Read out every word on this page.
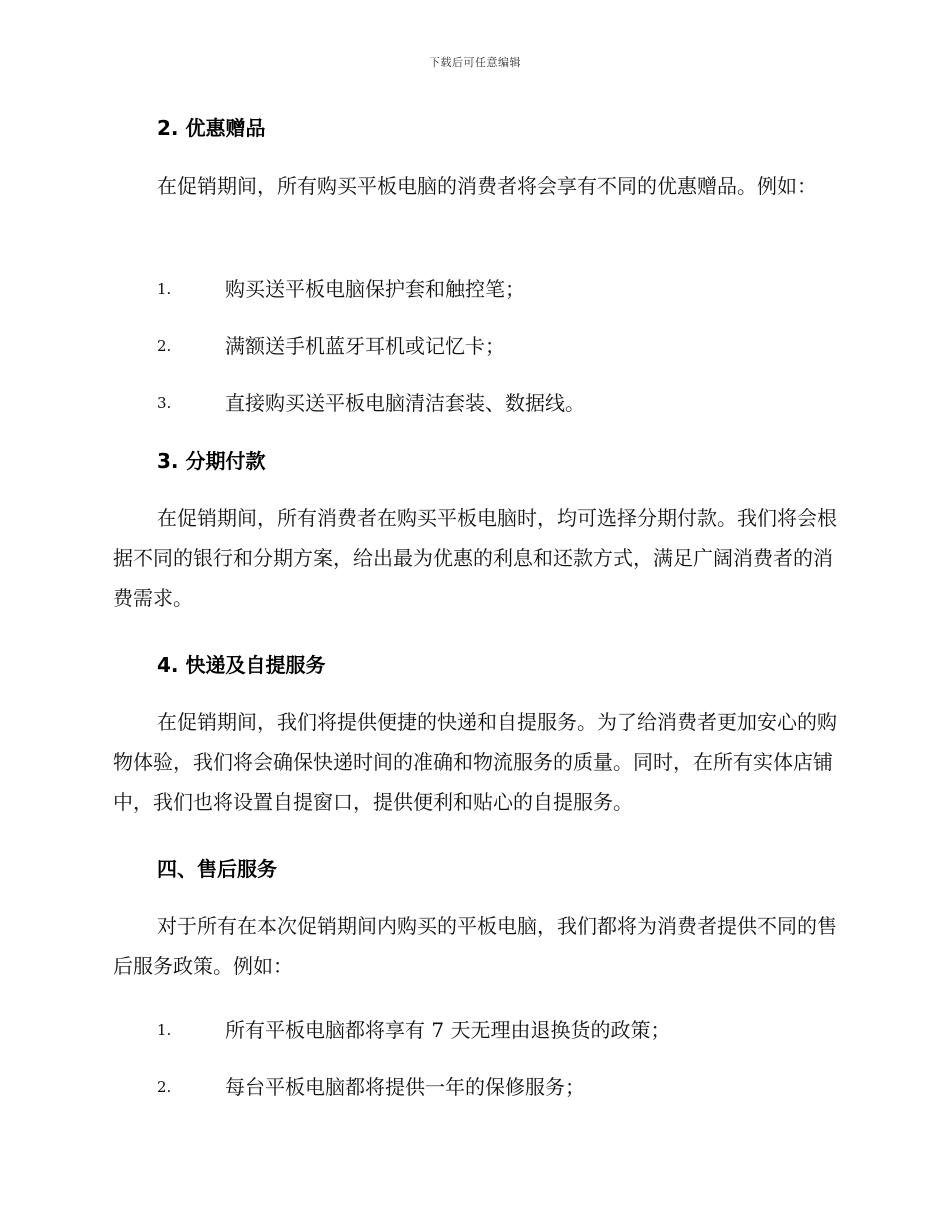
下载后可任意编辑
2. 优惠赠品
在促销期间，所有购买平板电脑的消费者将会享有不同的优惠赠品。例如：
1.	购买送平板电脑保护套和触控笔；
2.	满额送手机蓝牙耳机或记忆卡；
3.	直接购买送平板电脑清洁套装、数据线。
3. 分期付款
在促销期间，所有消费者在购买平板电脑时，均可选择分期付款。我们将会根据不同的银行和分期方案，给出最为优惠的利息和还款方式，满足广阔消费者的消费需求。
4. 快递及自提服务
在促销期间，我们将提供便捷的快递和自提服务。为了给消费者更加安心的购物体验，我们将会确保快递时间的准确和物流服务的质量。同时，在所有实体店铺中，我们也将设置自提窗口，提供便利和贴心的自提服务。
四、售后服务
对于所有在本次促销期间内购买的平板电脑，我们都将为消费者提供不同的售后服务政策。例如：
1.	所有平板电脑都将享有 7 天无理由退换货的政策；
2.	每台平板电脑都将提供一年的保修服务；
